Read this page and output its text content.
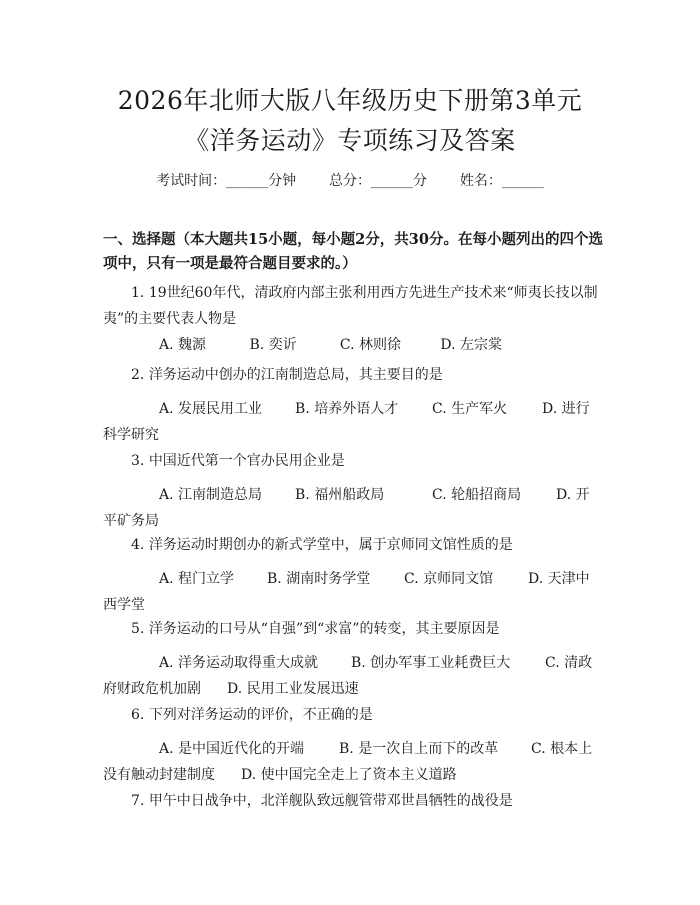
2026年北师大版八年级历史下册第3单元
《洋务运动》专项练习及答案
考试时间：______分钟 总分：______分 姓名：______
一、选择题（本大题共15小题，每小题2分，共30分。在每小题列出的四个选项中，只有一项是最符合题目要求的。）
1. 19世纪60年代，清政府内部主张利用西方先进生产技术来“师夷长技以制夷”的主要代表人物是
A. 魏源	B. 奕䜣	C. 林则徐	D. 左宗棠
2. 洋务运动中创办的江南制造总局，其主要目的是
A. 发展民用工业 B. 培养外语人才 C. 生产军火 D. 进行科学研究
3. 中国近代第一个官办民用企业是
A. 江南制造总局 B. 福州船政局	C. 轮船招商局 D. 开平矿务局
4. 洋务运动时期创办的新式学堂中，属于京师同文馆性质的是
A. 程门立学 B. 湖南时务学堂 C. 京师同文馆 D. 天津中西学堂
5. 洋务运动的口号从“自强”到“求富”的转变，其主要原因是
A. 洋务运动取得重大成就 B. 创办军事工业耗费巨大 C. 清政府财政危机加剧 D. 民用工业发展迅速
6. 下列对洋务运动的评价，不正确的是
A. 是中国近代化的开端 B. 是一次自上而下的改革 C. 根本上没有触动封建制度 D. 使中国完全走上了资本主义道路
7. 甲午中日战争中，北洋舰队致远舰管带邓世昌牺牲的战役是
